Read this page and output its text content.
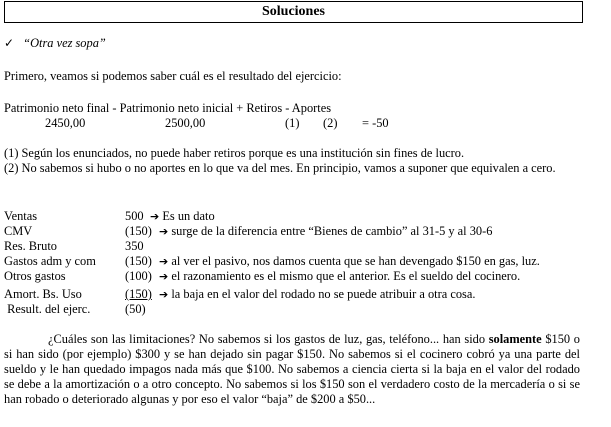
Soluciones
✓ “Otra vez sopa”
Primero, veamos si podemos saber cuál es el resultado del ejercicio:
Patrimonio neto final - Patrimonio neto inicial + Retiros - Aportes
2450,00	2500,00	(1) (2) = -50
(1) Según los enunciados, no puede haber retiros porque es una institución sin fines de lucro.
(2) No sabemos si hubo o no aportes en lo que va del mes. En principio, vamos a suponer que equivalen a cero.
Ventas	500 ➔ Es un dato
CMV	(150) ➔ surge de la diferencia entre “Bienes de cambio” al 31-5 y al 30-6
Res. Bruto	350
Gastos adm y com (150) ➔ al ver el pasivo, nos damos cuenta que se han devengado $150 en gas, luz.
Otros gastos	(100) ➔ el razonamiento es el mismo que el anterior. Es el sueldo del cocinero.
Amort. Bs. Uso	(150) ➔ la baja en el valor del rodado no se puede atribuir a otra cosa.
Result. del ejerc.	(50)
¿Cuáles son las limitaciones? No sabemos si los gastos de luz, gas, teléfono... han sido solamente $150 o si han sido (por ejemplo) $300 y se han dejado sin pagar $150. No sabemos si el cocinero cobró ya una parte del sueldo y le han quedado impagos nada más que $100. No sabemos a ciencia cierta si la baja en el valor del rodado se debe a la amortización o a otro concepto. No sabemos si los $150 son el verdadero costo de la mercadería o si se han robado o deteriorado algunas y por eso el valor “baja” de $200 a $50...
